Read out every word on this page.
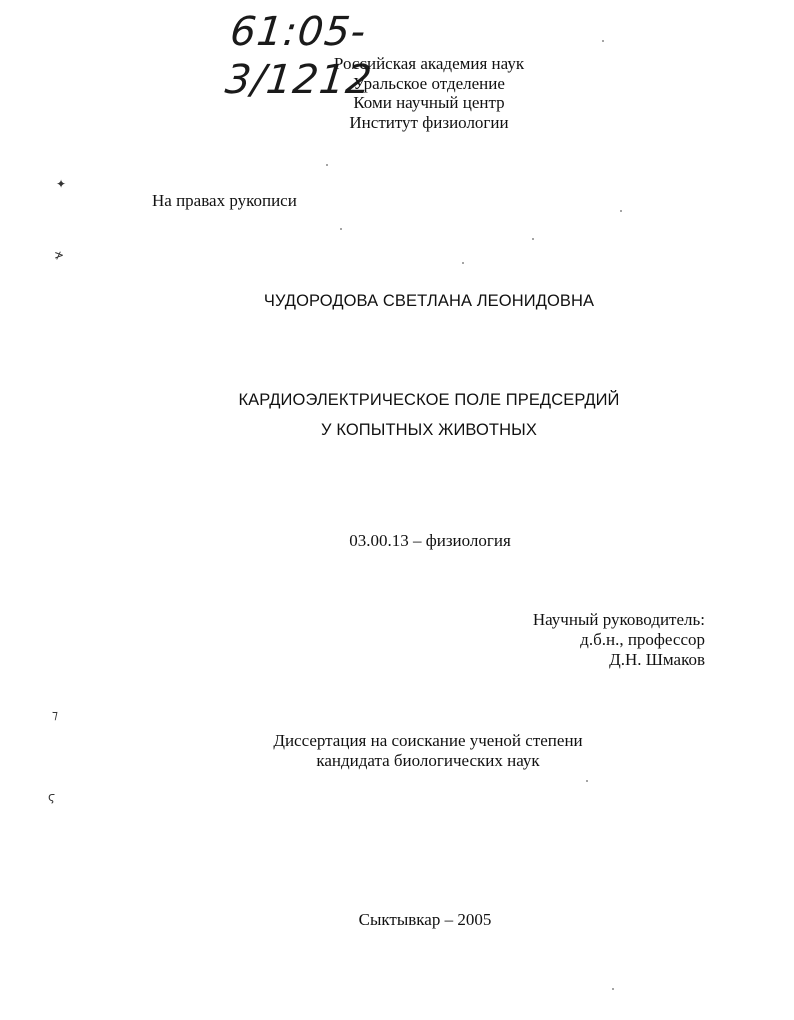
61:05-3/1212
Российская академия наук
Уральское отделение
Коми научный центр
Институт физиологии
На правах рукописи
ЧУДОРОДОВА СВЕТЛАНА ЛЕОНИДОВНА
КАРДИОЭЛЕКТРИЧЕСКОЕ ПОЛЕ ПРЕДСЕРДИЙ
У КОПЫТНЫХ ЖИВОТНЫХ
03.00.13 – физиология
Научный руководитель:
д.б.н., профессор
Д.Н. Шмаков
Диссертация на соискание ученой степени
кандидата биологических наук
Сыктывкар – 2005
✦
≯
⁊
ϛ
